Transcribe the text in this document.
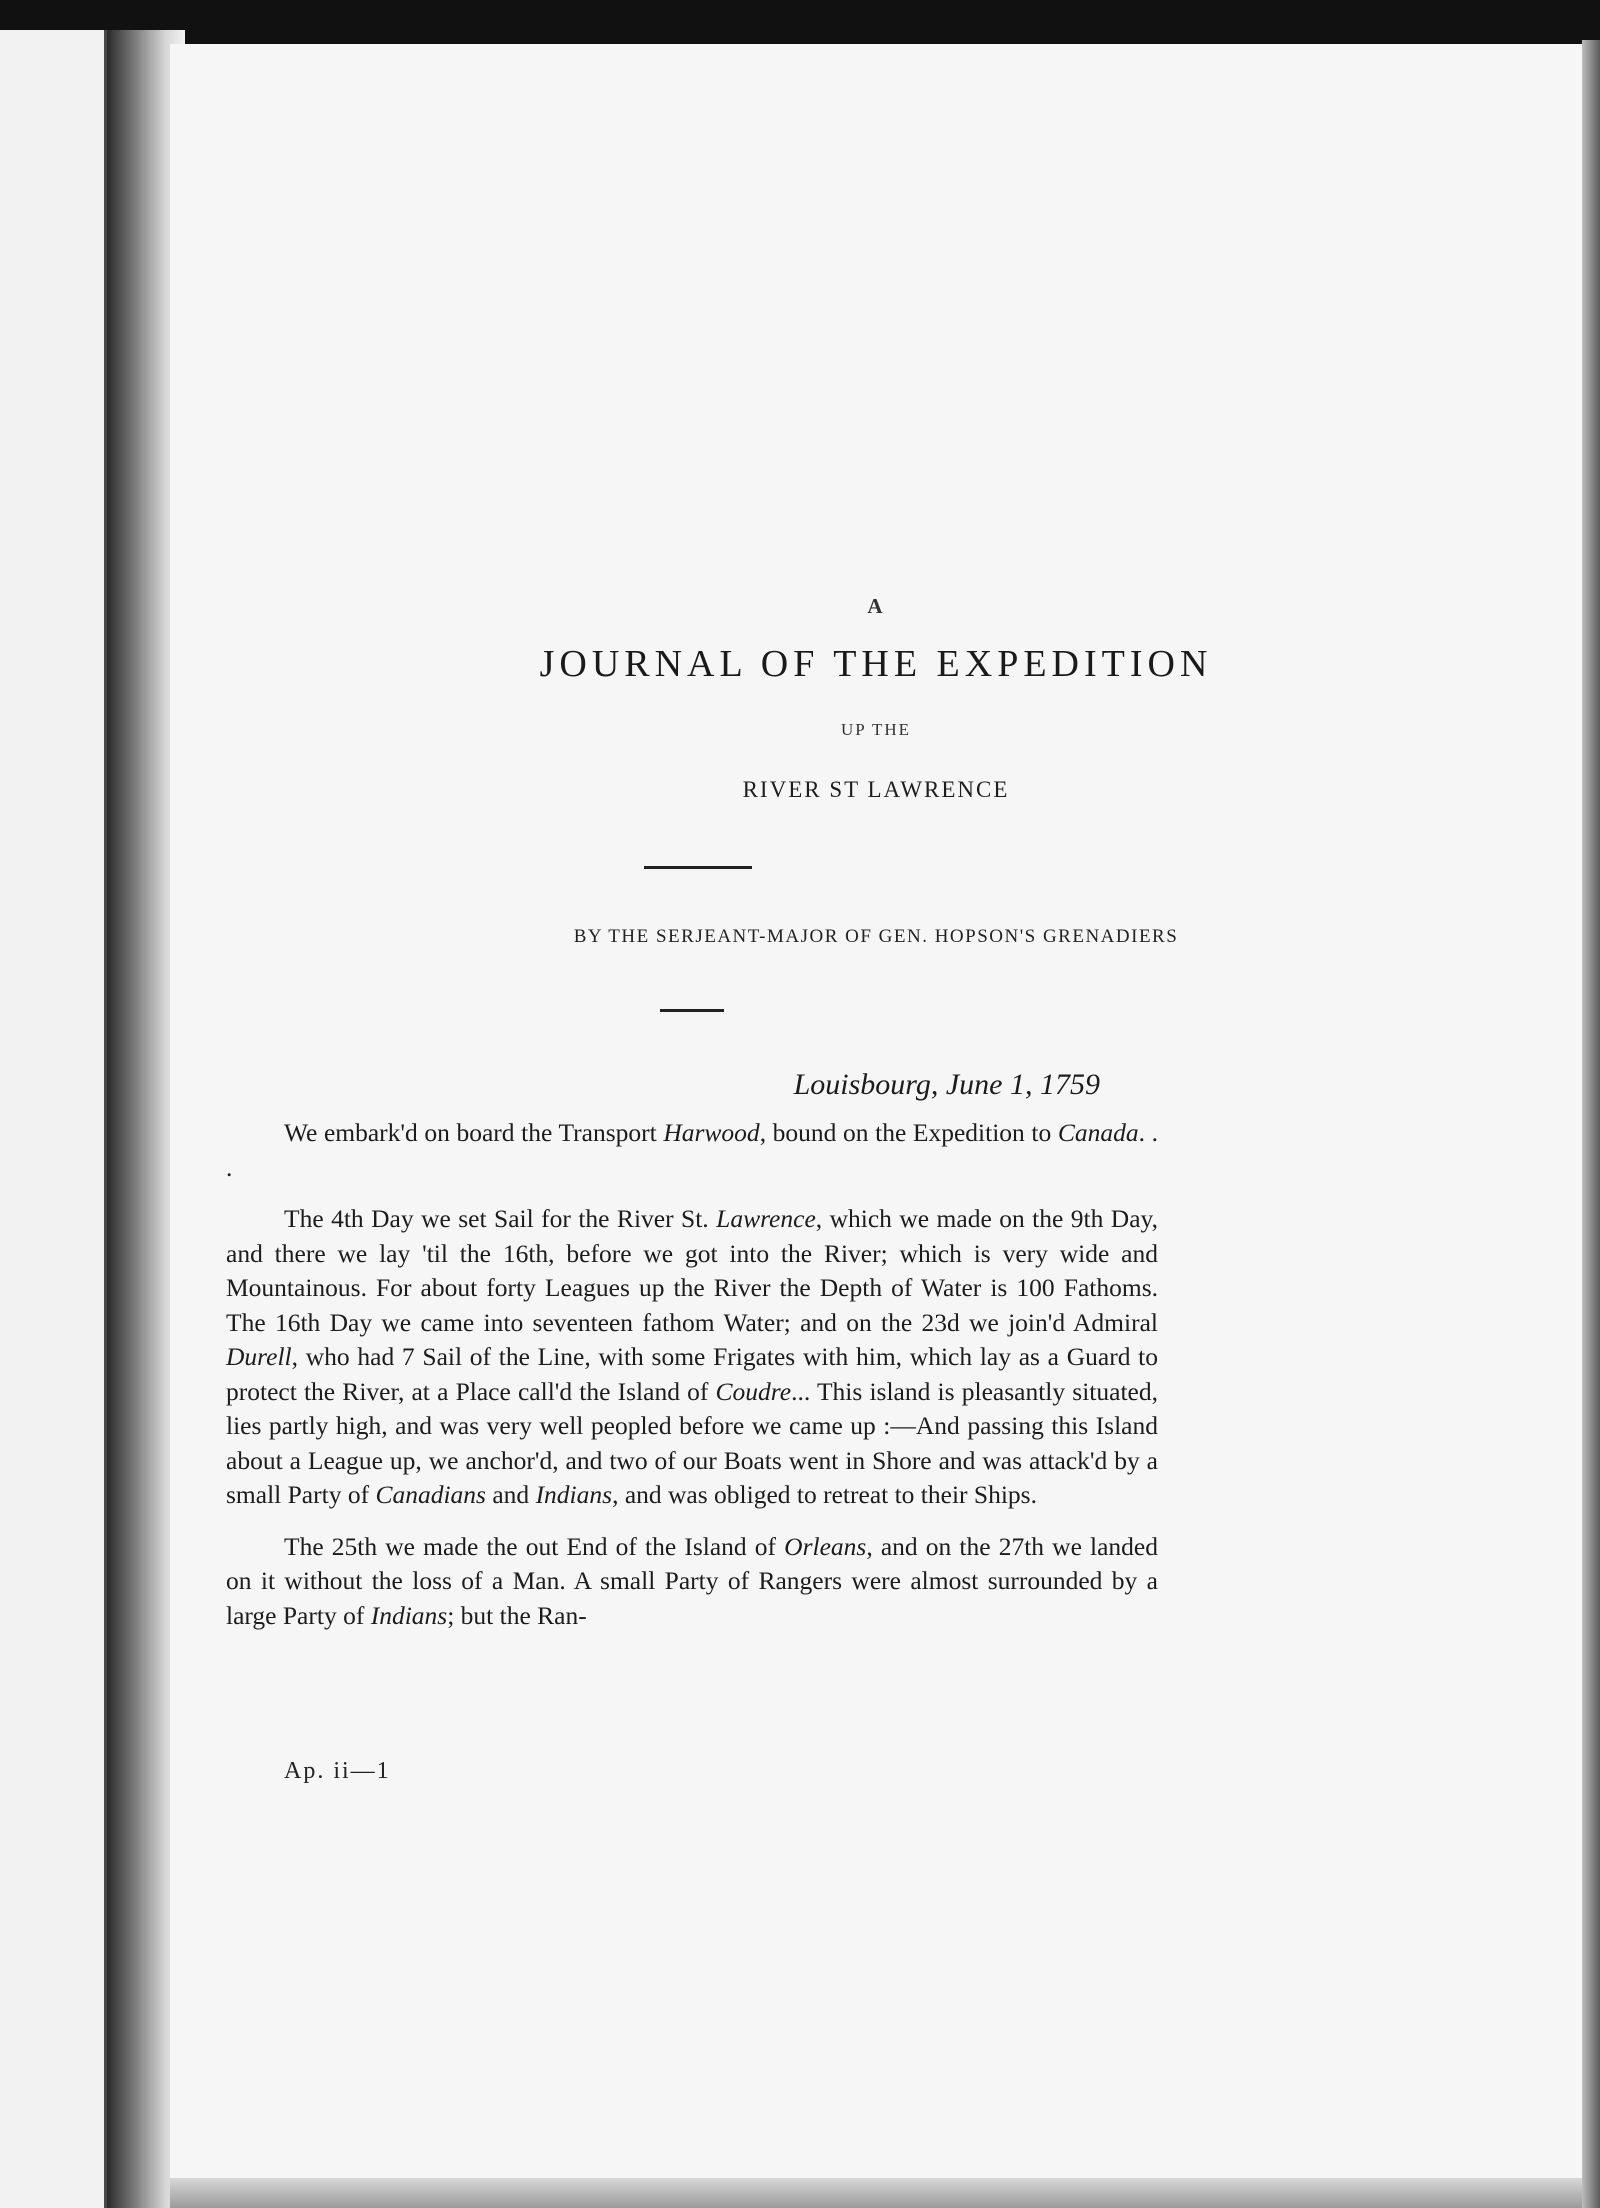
A
JOURNAL OF THE EXPEDITION
UP THE
RIVER ST LAWRENCE
BY THE SERJEANT-MAJOR OF GEN. HOPSON'S GRENADIERS
Louisbourg, June 1, 1759

We embark'd on board the Transport Harwood, bound on the Expedition to Canada. . .

The 4th Day we set Sail for the River St. Lawrence, which we made on the 9th Day, and there we lay 'til the 16th, before we got into the River; which is very wide and Mountainous. For about forty Leagues up the River the Depth of Water is 100 Fathoms. The 16th Day we came into seventeen fathom Water; and on the 23d we join'd Admiral Durell, who had 7 Sail of the Line, with some Frigates with him, which lay as a Guard to protect the River, at a Place call'd the Island of Coudre... This island is pleasantly situated, lies partly high, and was very well peopled before we came up :—And passing this Island about a League up, we anchor'd, and two of our Boats went in Shore and was attack'd by a small Party of Canadians and Indians, and was obliged to retreat to their Ships.

The 25th we made the out End of the Island of Orleans, and on the 27th we landed on it without the loss of a Man. A small Party of Rangers were almost surrounded by a large Party of Indians; but the Ran-

Ap. ii—1
